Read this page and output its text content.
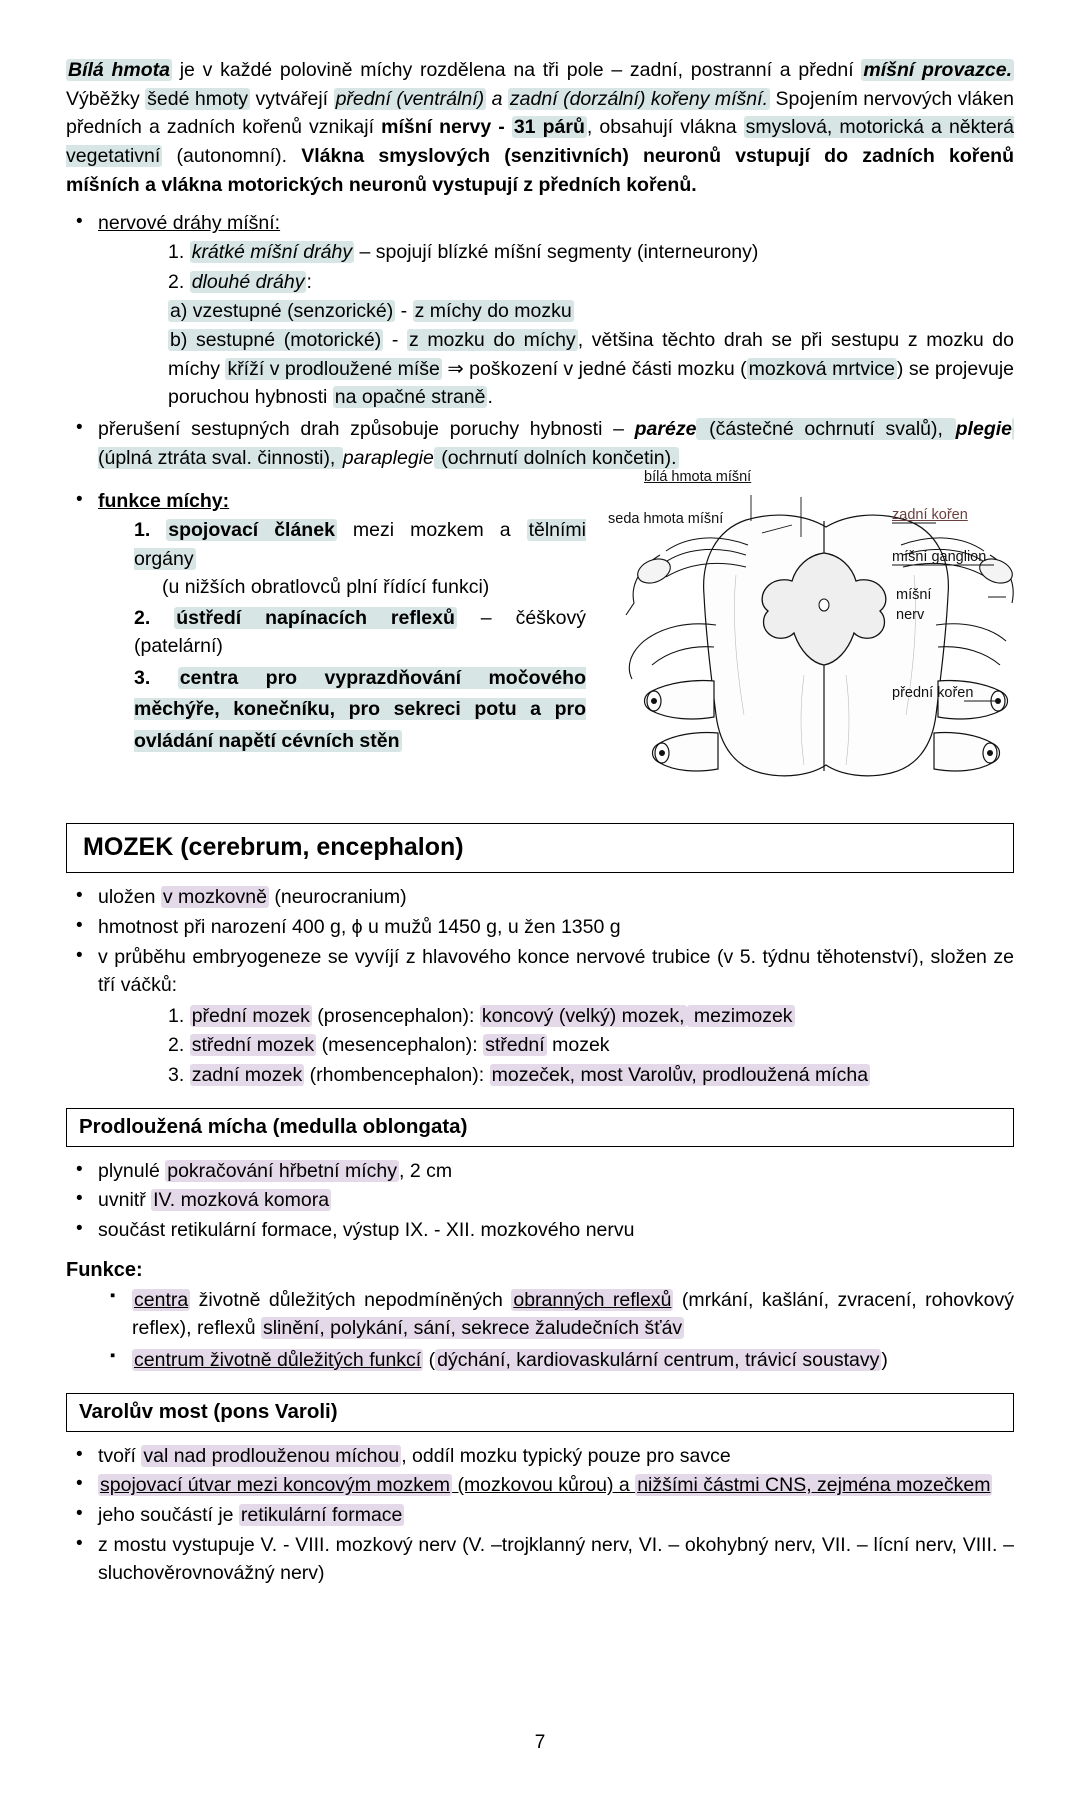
Bílá hmota je v každé polovině míchy rozdělena na tři pole – zadní, postranní a přední míšní provazce. Výběžky šedé hmoty vytvářejí přední (ventrální) a zadní (dorzální) kořeny míšní. Spojením nervových vláken předních a zadních kořenů vznikají míšní nervy - 31 párů , obsahují vlákna smyslová, motorická a některá vegetativní (autonomní). Vlákna smyslových (senzitivních) neuronů vstupují do zadních kořenů míšních a vlákna motorických neuronů vystupují z předních kořenů.

• nervové dráhy míšní:
1. krátké míšní dráhy – spojují blízké míšní segmenty (interneurony)
2. dlouhé dráhy :
a) vzestupné (senzorické) - z míchy do mozku
b) sestupné (motorické) - z mozku do míchy , většina těchto drah se při sestupu z mozku do míchy kříží v prodloužené míše ⇒ poškození v jedné části mozku ( mozková mrtvice ) se projevuje poruchou hybnosti na opačné straně .
• přerušení sestupných drah způsobuje poruchy hybnosti – paréze (částečné ochrnutí svalů), plegie (úplná ztráta sval. činnosti), paraplegie (ochrnutí dolních končetin).
• funkce míchy:
1. spojovací článek mezi mozkem a tělními orgány
(u nižších obratlovců plní řídící funkci)
2. ústředí napínacích reflexů – čéškový (patelární)
3. centra pro vyprazdňování močového měchýře, konečníku, pro sekreci potu a pro ovládání napětí cévních stěn
bílá hmota míšní
seda hmota míšní	zadní kořen
míšní ganglion
míšní
nerv
přední kořen
MOZEK (cerebrum, encephalon)
• uložen v mozkovně (neurocranium)
• hmotnost při narození 400 g, ϕ u mužů 1450 g, u žen 1350 g
• v průběhu embryogeneze se vyvíjí z hlavového konce nervové trubice (v 5. týdnu těhotenství), složen ze tří váčků:
1. přední mozek (prosencephalon): koncový (velký) mozek, mezimozek
2. střední mozek (mesencephalon): střední mozek
3. zadní mozek (rhombencephalon): mozeček, most Varolův, prodloužená mícha
Prodloužená mícha (medulla oblongata)
• plynulé pokračování hřbetní míchy , 2 cm
• uvnitř IV. mozková komora
• součást retikulární formace, výstup IX. - XII. mozkového nervu
Funkce:
▪ centra životně důležitých nepodmíněných obranných reflexů (mrkání, kašlání, zvracení, rohovkový reflex), reflexů slinění, polykání, sání, sekrece žaludečních šťáv
▪ centrum životně důležitých funkcí ( dýchání, kardiovaskulární centrum, trávicí soustavy )
Varolův most (pons Varoli)
• tvoří val nad prodlouženou míchou , oddíl mozku typický pouze pro savce
• spojovací útvar mezi koncovým mozkem (mozkovou kůrou) a nižšími částmi CNS, zejména mozečkem
• jeho součástí je retikulární formace
• z mostu vystupuje V. - VIII. mozkový nerv (V. –trojklanný nerv, VI. – okohybný nerv, VII. – lícní nerv, VIII. – sluchověrovnovážný nerv)
7
